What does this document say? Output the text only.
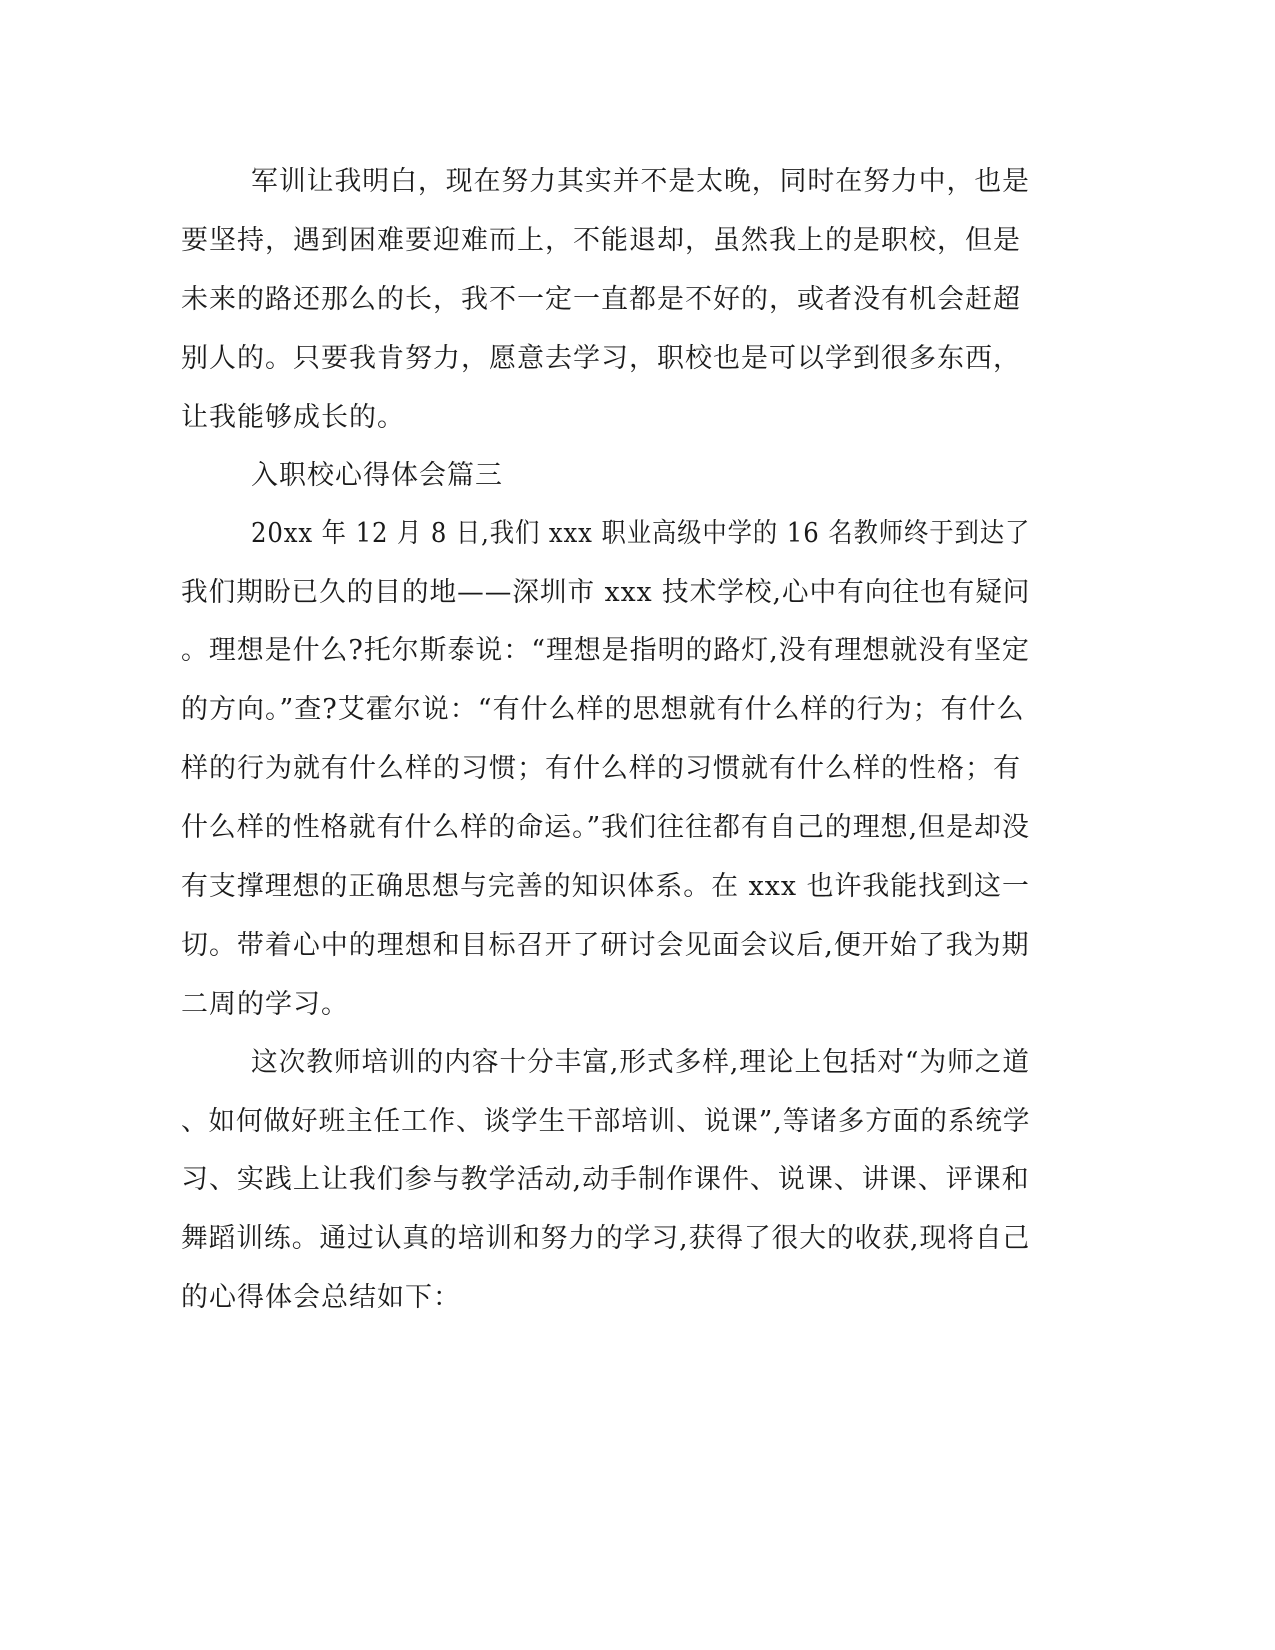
军训让我明白，现在努力其实并不是太晚，同时在努力中，也是
要坚持，遇到困难要迎难而上，不能退却，虽然我上的是职校，但是
未来的路还那么的长，我不一定一直都是不好的，或者没有机会赶超
别人的。只要我肯努力，愿意去学习，职校也是可以学到很多东西，
让我能够成长的。
入职校心得体会篇三
20xx 年 12 月 8 日,我们 xxx 职业高级中学的 16 名教师终于到达了
我们期盼已久的目的地——深圳市 xxx 技术学校,心中有向往也有疑问
。理想是什么?托尔斯泰说：“理想是指明的路灯,没有理想就没有坚定
的方向。”查?艾霍尔说：“有什么样的思想就有什么样的行为；有什么
样的行为就有什么样的习惯；有什么样的习惯就有什么样的性格；有
什么样的性格就有什么样的命运。”我们往往都有自己的理想,但是却没
有支撑理想的正确思想与完善的知识体系。在 xxx 也许我能找到这一
切。带着心中的理想和目标召开了研讨会见面会议后,便开始了我为期
二周的学习。
这次教师培训的内容十分丰富,形式多样,理论上包括对“为师之道
、如何做好班主任工作、谈学生干部培训、说课”,等诸多方面的系统学
习、实践上让我们参与教学活动,动手制作课件、说课、讲课、评课和
舞蹈训练。通过认真的培训和努力的学习,获得了很大的收获,现将自己
的心得体会总结如下：
